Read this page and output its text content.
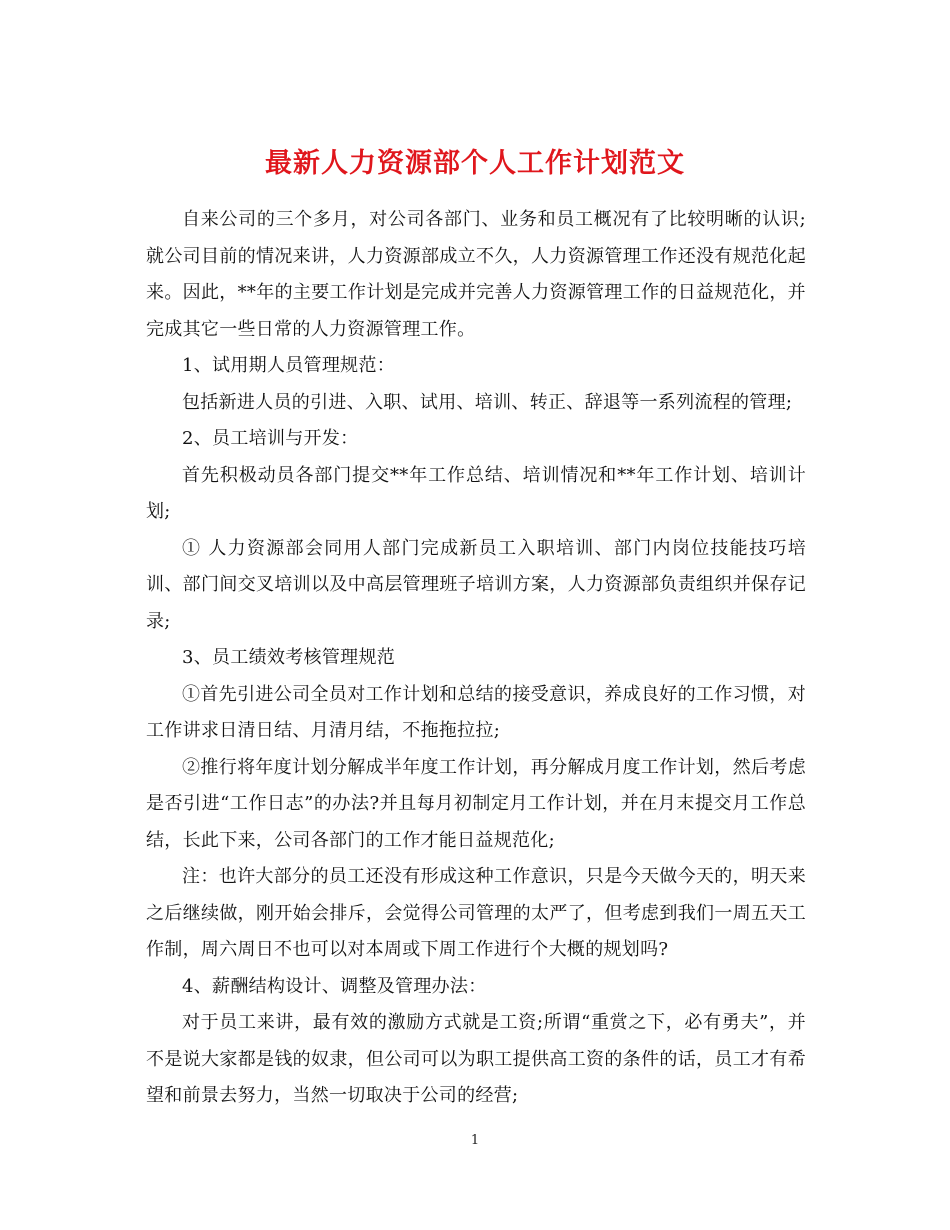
最新人力资源部个人工作计划范文

自来公司的三个多月，对公司各部门、业务和员工概况有了比较明晰的认识;就公司目前的情况来讲，人力资源部成立不久，人力资源管理工作还没有规范化起来。因此，**年的主要工作计划是完成并完善人力资源管理工作的日益规范化，并完成其它一些日常的人力资源管理工作。

1、试用期人员管理规范：

包括新进人员的引进、入职、试用、培训、转正、辞退等一系列流程的管理;

2、员工培训与开发：

首先积极动员各部门提交**年工作总结、培训情况和**年工作计划、培训计划;

① 人力资源部会同用人部门完成新员工入职培训、部门内岗位技能技巧培训、部门间交叉培训以及中高层管理班子培训方案，人力资源部负责组织并保存记录;

3、员工绩效考核管理规范

①首先引进公司全员对工作计划和总结的接受意识，养成良好的工作习惯，对工作讲求日清日结、月清月结，不拖拖拉拉;

②推行将年度计划分解成半年度工作计划，再分解成月度工作计划，然后考虑是否引进“工作日志”的办法?并且每月初制定月工作计划，并在月末提交月工作总结，长此下来，公司各部门的工作才能日益规范化;

注：也许大部分的员工还没有形成这种工作意识，只是今天做今天的，明天来之后继续做，刚开始会排斥，会觉得公司管理的太严了，但考虑到我们一周五天工作制，周六周日不也可以对本周或下周工作进行个大概的规划吗?

4、薪酬结构设计、调整及管理办法：

对于员工来讲，最有效的激励方式就是工资;所谓“重赏之下，必有勇夫”，并不是说大家都是钱的奴隶，但公司可以为职工提供高工资的条件的话，员工才有希望和前景去努力，当然一切取决于公司的经营;

1
